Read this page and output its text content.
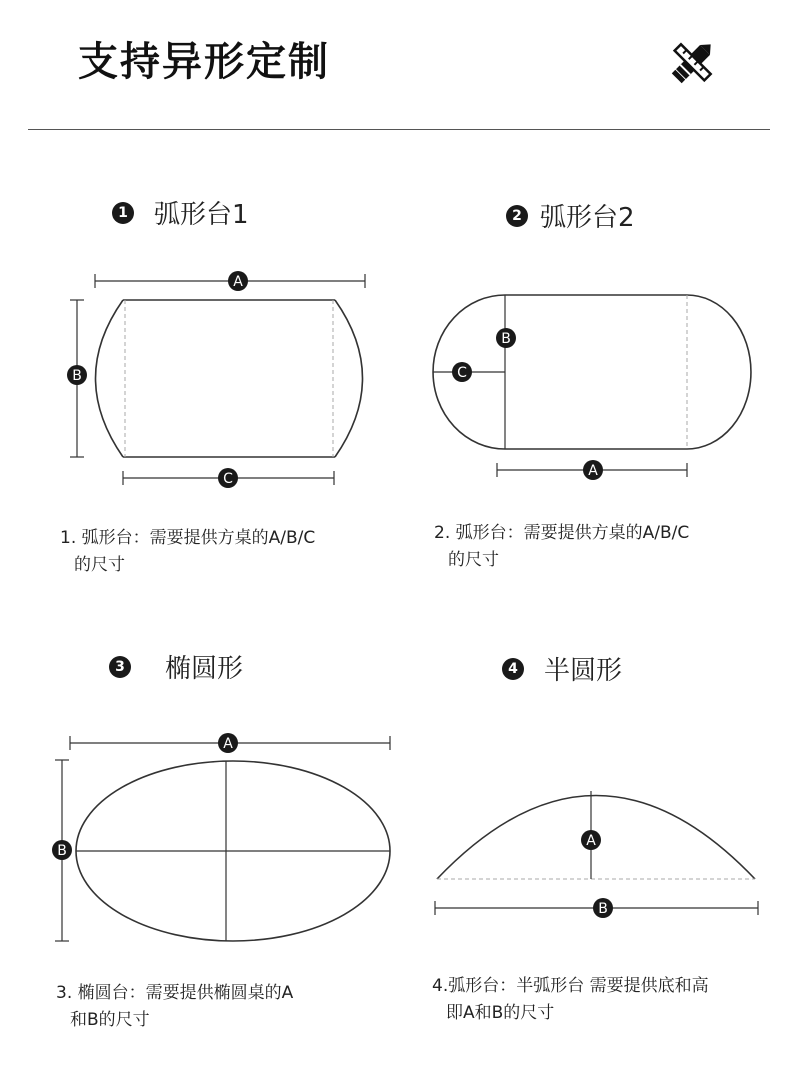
支持异形定制
1 弧形台1	2 弧形台2
3 椭圆形	4 半圆形
A
B
C
B
C
A
A
B
A
B
1. 弧形台：需要提供方桌的A/B/C
的尺寸
2. 弧形台：需要提供方桌的A/B/C
的尺寸
3. 椭圆台：需要提供椭圆桌的A
和B的尺寸
4.弧形台：半弧形台 需要提供底和高
即A和B的尺寸
